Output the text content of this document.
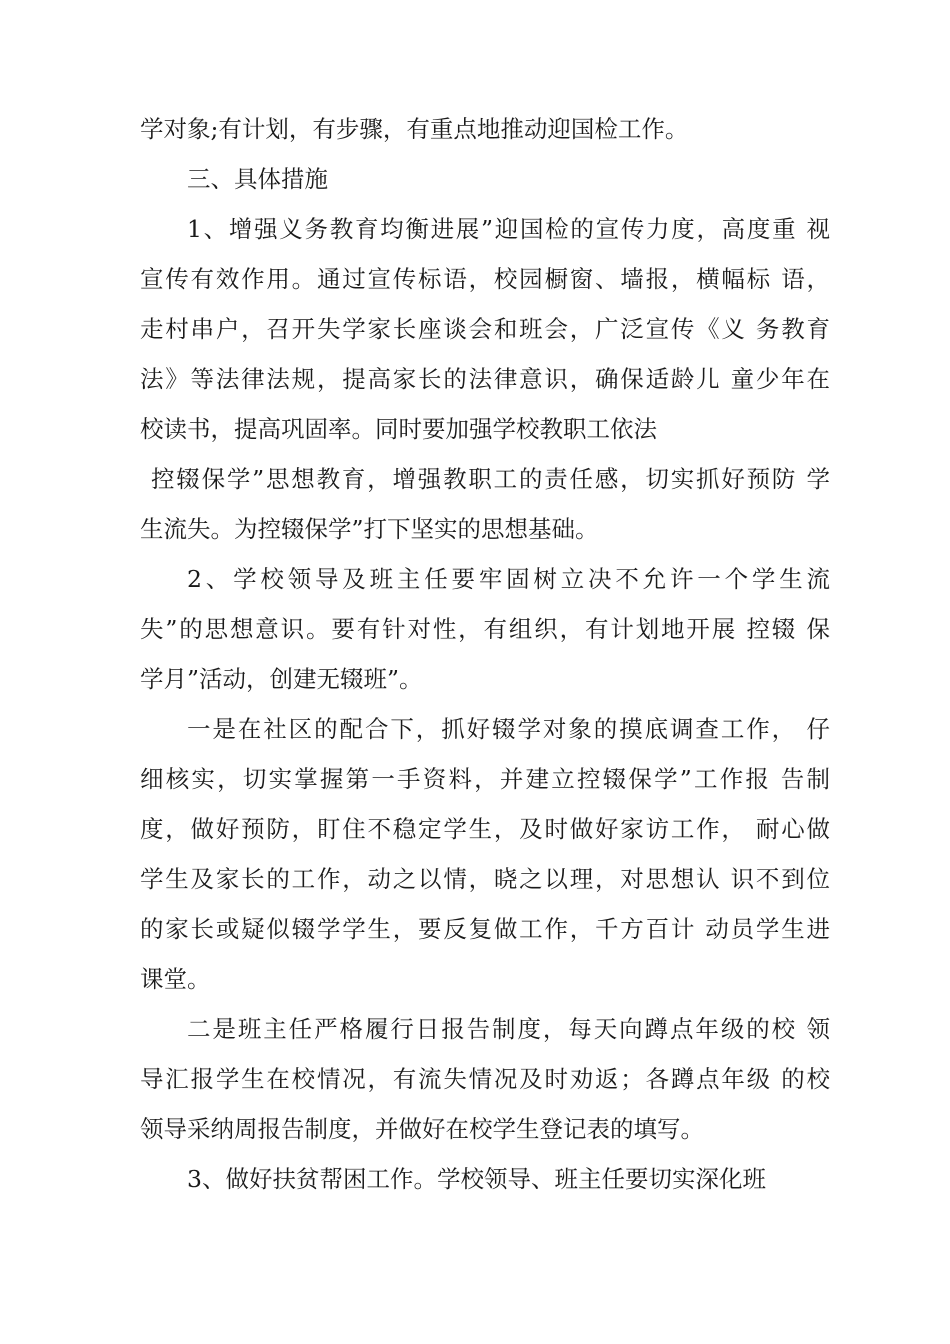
学对象;有计划，有步骤，有重点地推动迎国检工作。
三、具体措施
1、增强义务教育均衡进展”迎国检的宣传力度，高度重 视
宣传有效作用。通过宣传标语，校园橱窗、墙报，横幅标 语，
走村串户，召开失学家长座谈会和班会，广泛宣传《义 务教育
法》等法律法规，提高家长的法律意识，确保适龄儿 童少年在
校读书，提高巩固率。同时要加强学校教职工依法
控辍保学”思想教育，增强教职工的责任感，切实抓好预防 学
生流失。为控辍保学”打下坚实的思想基础。
2、学校领导及班主任要牢固树立决不允许一个学生流
失”的思想意识。要有针对性，有组织，有计划地开展 控辍 保
学月”活动，创建无辍班”。
一是在社区的配合下，抓好辍学对象的摸底调查工作， 仔
细核实，切实掌握第一手资料，并建立控辍保学”工作报 告制
度，做好预防，盯住不稳定学生，及时做好家访工作， 耐心做
学生及家长的工作，动之以情，晓之以理，对思想认 识不到位
的家长或疑似辍学学生，要反复做工作，千方百计 动员学生进
课堂。
二是班主任严格履行日报告制度，每天向蹲点年级的校 领
导汇报学生在校情况，有流失情况及时劝返；各蹲点年级 的校
领导采纳周报告制度，并做好在校学生登记表的填写。
3、做好扶贫帮困工作。学校领导、班主任要切实深化班
